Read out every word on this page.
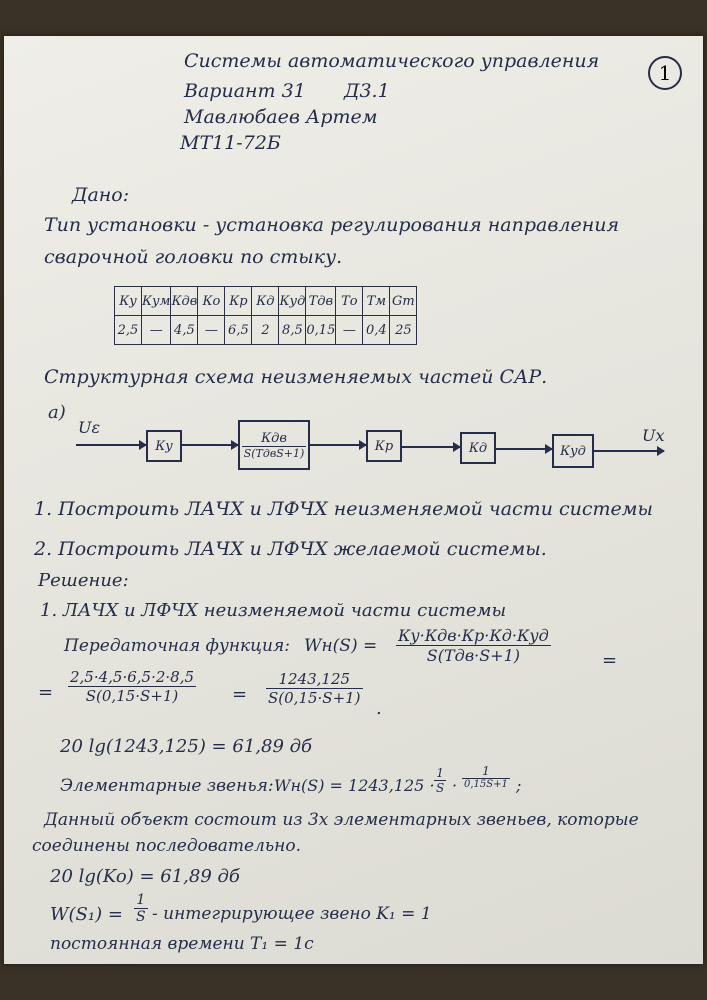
Системы автоматического управления	1
Вариант 31 Д3.1
Мавлюбаев Артем
МТ11-72Б
Дано:
Тип установки - установка регулирования направления
сварочной головки по стыку.
Ку	Кум	Кдв	Ко	Кр	Кд	Куд	Тдв	То	Тм	Gm
2,5	—	4,5	—	6,5	2	8,5	0,15	—	0,4	25
Структурная схема неизменяемых частей САР.
а)
Uε
Ку	$\frac{\text{Кдв}}{\text{S(TдвS+1)}}$	Кр	Кд	Куд
Uх
1. Построить ЛАЧХ и ЛФЧХ неизменяемой части системы
2. Построить ЛАЧХ и ЛФЧХ желаемой системы.
Решение:
1. ЛАЧХ и ЛФЧХ неизменяемой части системы
Передаточная функция: $Wн(S) = \frac{\text{Ку·Кдв·Кр·Кд·Куд}}{\text{S(Tдв·S+1)}}$	=
= $\frac{2,5\cdot 4,5\cdot 6,5\cdot 2\cdot 8,5}{S(0,15\cdot S+1)} = \frac{1243,125}{S(0,15\cdot S+1)}$
.
20 lg(1243,125) = 61,89 дб
Элементарные звенья: $Wн(S) = 1243,125 \cdot \frac{1}{S} \cdot \frac{1}{0,15S+1}$ ;
Данный объект состоит из 3х элементарных звеньев, которые
соединены последовательно.
20 lg(Ko) = 61,89 дб
$W(S_1) = \frac{1}{S}$ - интегрирующее звено K₁ = 1
постоянная времени T₁ = 1с
